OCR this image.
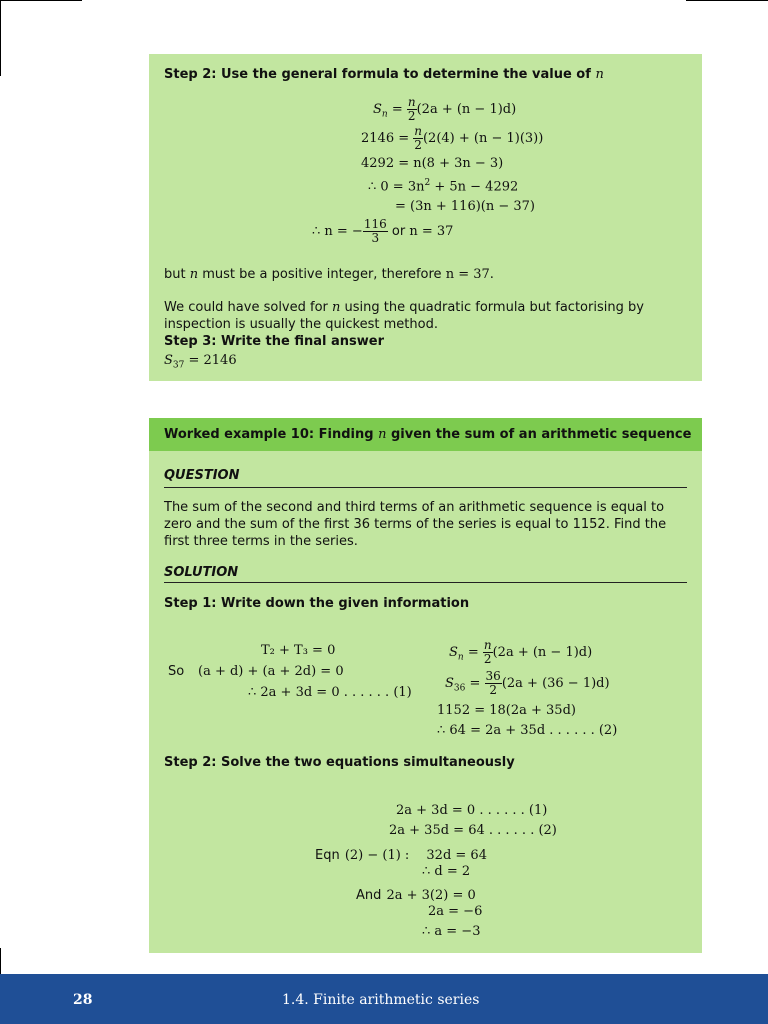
Step 2: Use the general formula to determine the value of n
$S_n = \frac{n}{2} (2a + (n - 1)d)$
$2146 = \frac{n}{2} (2(4) + (n - 1)(3))$
4292 = n(8 + 3n − 3)
∴ $0 = 3n^2 + 5n - 4292$
= (3n + 116)(n − 37)
∴ n = − $\frac{116}{3}$ or n = 37
but n must be a positive integer, therefore n = 37.
We could have solved for n using the quadratic formula but factorising by inspection is usually the quickest method.
Step 3: Write the final answer
$S_{37} = 2146$
Worked example 10: Finding n given the sum of an arithmetic sequence
QUESTION
The sum of the second and third terms of an arithmetic sequence is equal to zero and the sum of the first 36 terms of the series is equal to 1152. Find the first three terms in the series.
SOLUTION
Step 1: Write down the given information
T₂ + T₃ = 0
So (a + d) + (a + 2d) = 0
∴ 2a + 3d = 0 . . . . . . (1)
$S_n = \frac{n}{2} (2a + (n - 1)d)$
$S_{36} = \frac{36}{2} (2a + (36 - 1)d)$
1152 = 18(2a + 35d)
∴ 64 = 2a + 35d . . . . . . (2)
Step 2: Solve the two equations simultaneously
2a + 3d = 0 . . . . . . (1)
2a + 35d = 64 . . . . . . (2)
Eqn (2) − (1) : 32d = 64
∴ d = 2
And 2a + 3(2) = 0
2a = −6
∴ a = −3
28	1.4. Finite arithmetic series
